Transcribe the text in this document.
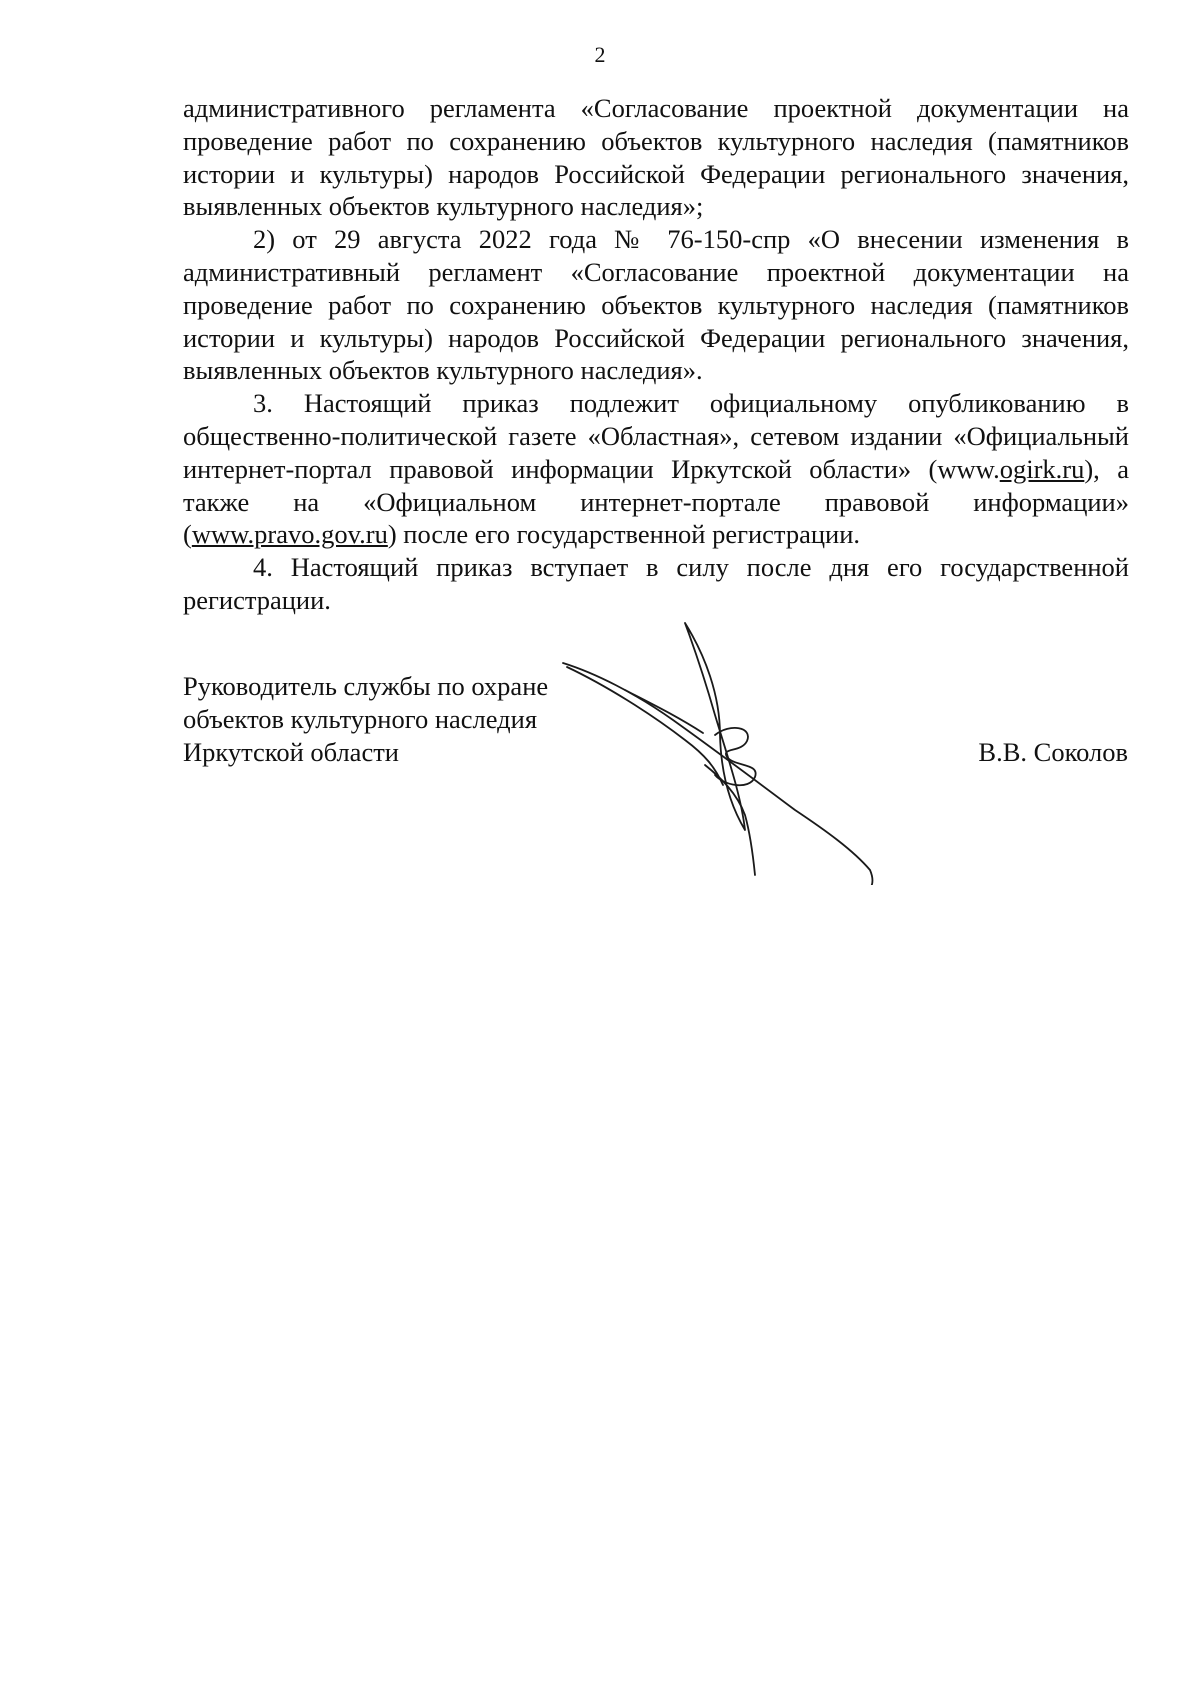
2

административного регламента «Согласование проектной документации на проведение работ по сохранению объектов культурного наследия (памятников истории и культуры) народов Российской Федерации регионального значения, выявленных объектов культурного наследия»;

2) от 29 августа 2022 года № 76-150-спр «О внесении изменения в административный регламент «Согласование проектной документации на проведение работ по сохранению объектов культурного наследия (памятников истории и культуры) народов Российской Федерации регионального значения, выявленных объектов культурного наследия».

3. Настоящий приказ подлежит официальному опубликованию в общественно-политической газете «Областная», сетевом издании «Официальный интернет-портал правовой информации Иркутской области» (www.ogirk.ru), а также на «Официальном интернет-портале правовой информации» (www.pravo.gov.ru) после его государственной регистрации.

4. Настоящий приказ вступает в силу после дня его государственной регистрации.

Руководитель службы по охране
объектов культурного наследия
Иркутской области	В.В. Соколов
